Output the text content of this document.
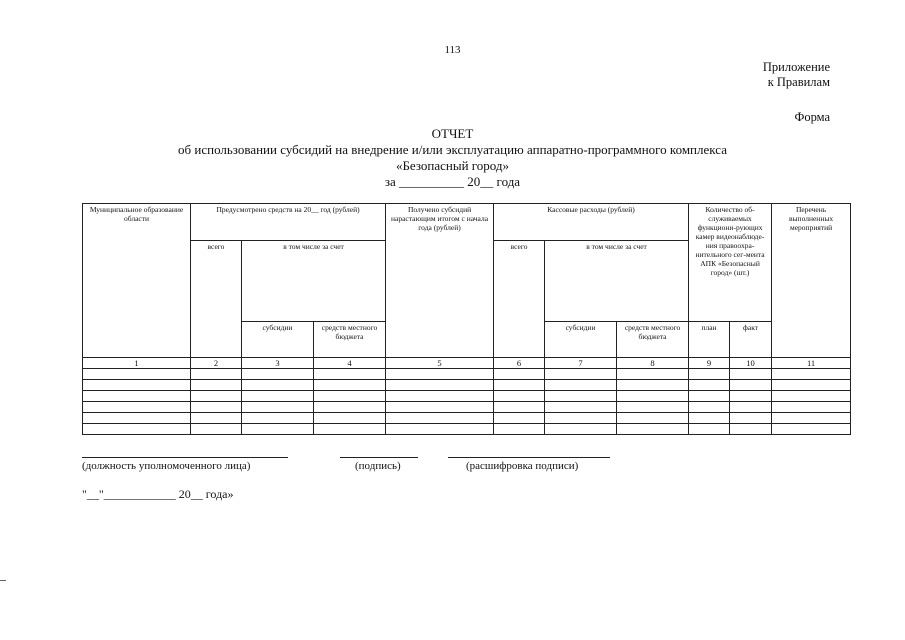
113
Приложение
к Правилам
Форма
ОТЧЕТ
об использовании субсидий на внедрение и/или эксплуатацию аппаратно-программного комплекса
«Безопасный город»
за __________ 20__ года
Муниципальное образование области	Предусмотрено средств на 20__ год (рублей)			Получено субсидий нарастающим итогом с начала года (рублей)	Кассовые расходы (рублей)			Количество об-служиваемых функциони-рующих камер видеонаблюде-ния правоохра-нительного сег-мента АПК «Безопасный город» (шт.)		Перечень выполненных мероприятий
	всего	в том числе за счет			всего	в том числе за счет				
		субсидии	средств местного бюджета			субсидии	средств местного бюджета	план	факт	
1	2	3	4	5	6	7	8	9	10	11

(должность уполномоченного лица)	(подпись)	(расшифровка подписи)
"__"____________ 20__ года»
